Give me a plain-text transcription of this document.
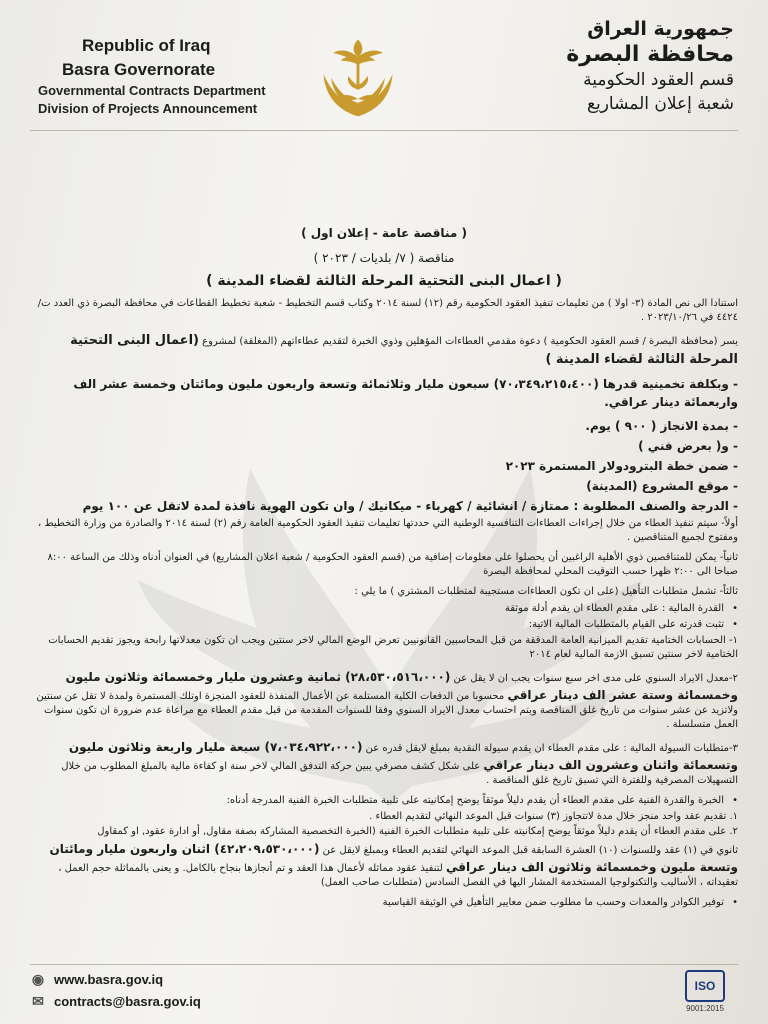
Republic of Iraq
Basra Governorate
Governmental Contracts Department
Division of Projects Announcement
جمهورية العراق
محافظة البصرة
قسم العقود الحكومية
شعبة إعلان المشاريع
( مناقصة عامة - إعلان اول )
مناقصة ( ٧/ بلديات / ٢٠٢٣ )
( اعمال البنى التحتية المرحلة الثالثة لقضاء المدينة )

استنادا الى نص المادة (٣- اولا ) من تعليمات تنفيذ العقود الحكومية رقم (١٢) لسنة ٢٠١٤ وكتاب قسم التخطيط - شعبة تخطيط القطاعات في محافظة البصرة ذي العدد ت/٤٤٢٤ في ٢٠٢٣/١٠/٢٦ .

يسر (محافظة البصرة / قسم العقود الحكومية ) دعوة مقدمي العطاءات المؤهلين وذوي الخبرة لتقديم عطاءاتهم (المغلقة) لمشروع (اعمال البنى التحتية المرحلة الثالثة لقضاء المدينة )

- وبكلفة تخمينية قدرها (٧٠،٣٤٩،٢١٥،٤٠٠) سبعون مليار وثلاثمائة وتسعة واربعون مليون ومائتان وخمسة عشر الف واربعمائة دينار عراقي.

- بمدة الانجاز ( ٩٠٠ ) يوم.

- و( بعرض فني )

- ضمن خطة البترودولار المستمرة ٢٠٢٣

- موقع المشروع (المدينة)

- الدرجة والصنف المطلوبة : ممتازة / انشائية / كهرباء - ميكانيك / وان تكون الهوية نافذة لمدة لاتقل عن ١٠٠ يوم

أولاً- سيتم تنفيذ العطاء من خلال إجراءات العطاءات التنافسية الوطنية التي حددتها تعليمات تنفيذ العقود الحكومية العامة رقم (٢) لسنة ٢٠١٤ والصادرة من وزارة التخطيط ، ومفتوح لجميع المتناقصين .

ثانياً- يمكن للمتناقصين ذوي الأهلية الراغبين أن يحصلوا على معلومات إضافية من (قسم العقود الحكومية / شعبة اعلان المشاريع) في العنوان أدناه وذلك من الساعة ٨:٠٠ صباحا الى ٢:٠٠ ظهرا حسب التوقيت المحلي لمحافظة البصرة

ثالثاً- تشمل متطلبات التأهيل (على ان تكون العطاءات مستجيبة لمتطلبات المشتري ) ما يلي :

• القدرة المالية : على مقدم العطاء ان يقدم أدلة موثقة

• تثبت قدرته على القيام بالمتطلبات المالية الاتية:

١- الحسابات الختامية تقديم الميزانية العامة المدققة من قبل المحاسبين القانونيين تعرض الوضع المالي لاخر سنتين ويجب ان تكون معدلاتها رابحة ويجوز تقديم الحسابات الختامية لاخر سنتين تسبق الازمة المالية لعام ٢٠١٤

٢-معدل الايراد السنوي على مدى اخر سبع سنوات يجب ان لا يقل عن (٢٨،٥٣٠،٥١٦،٠٠٠) ثمانية وعشرون مليار وخمسمائة وثلاثون مليون وخمسمائة وستة عشر الف دينار عراقي محسوبا من الدفعات الكلية المستلمة عن الأعمال المنفذة للعقود المنجزة اوتلك المستمرة ولمدة لا تقل عن سنتين ولاتزيد عن عشر سنوات من تاريخ غلق المناقصة ويتم احتساب معدل الايراد السنوي وفقا للسنوات المقدمة من قبل مقدم العطاء مع مراعاة عدم ضرورة ان تكون سنوات العمل متسلسلة .

٣-متطلبات السيولة المالية : على مقدم العطاء ان يقدم سيولة النقدية بمبلغ لايقل قدره عن (٧،٠٣٤،٩٢٢،٠٠٠) سبعة مليار واربعة وثلاثون مليون وتسعمائة واثنان وعشرون الف دينار عراقي على شكل كشف مصرفي يبين حركة التدفق المالي لاخر سنة او كفاءة مالية بالمبلغ المطلوب من خلال التسهيلات المصرفية وللفترة التي تسبق تاريخ غلق المناقصة .

• الخبرة والقدرة الفنية على مقدم العطاء أن يقدم دليلاً موثقاً يوضح إمكانيته على تلبية متطلبات الخبرة الفنية المدرجة أدناه:

١. تقديم عقد واحد منجز خلال مدة لاتتجاوز (٣) سنوات قبل الموعد النهائي لتقديم العطاء .

٢. على مقدم العطاء أن يقدم دليلاً موثقاً يوضح إمكانيته على تلبية متطلبات الخبرة الفنية (الخبرة التخصصية المشاركة بصفة مقاول, أو ادارة عقود, او كمقاول

ثانوي في (١) عقد وللسنوات (١٠) العشرة السابقة قبل الموعد النهائي لتقديم العطاء وبمبلغ لايقل عن (٤٢،٢٠٩،٥٣٠،٠٠٠) اثنان واربعون مليار ومائتان وتسعة مليون وخمسمائة وثلاثون الف دينار عراقي لتنفيذ عقود مماثله لأعمال هذا العقد و تم أنجازها بنجاح بالكامل. و يعنى بالمماثلة حجم العمل ، تعقيداته ، الأساليب والتكنولوجيا المستخدمة المشار اليها في الفصل السادس (متطلبات صاحب العمل)

• توفير الكوادر والمعدات وحسب ما مطلوب ضمن معايير التأهيل في الوثيقة القياسية

◉ www.basra.gov.iq
✉ contracts@basra.gov.iq
ISO
9001:2015
